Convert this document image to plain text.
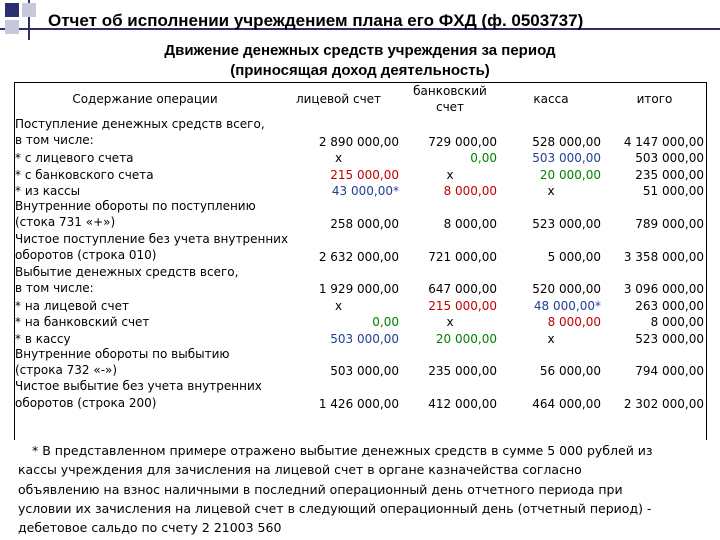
Отчет об исполнении учреждением плана его ФХД (ф. 0503737)
Движение денежных средств учреждения за период
(приносящая доход деятельность)
Содержание операции	лицевой счет	банковский
счет	касса	итого

Поступление денежных средств всего,
в том числе:	2 890 000,00	729 000,00	528 000,00	4 147 000,00
* с лицевого счета	х	0,00	503 000,00	503 000,00
* с банковского счета	215 000,00	х	20 000,00	235 000,00
* из кассы	43 000,00*	8 000,00	х	51 000,00

Внутренние обороты по поступлению
(стока 731 «+»)	258 000,00	8 000,00	523 000,00	789 000,00

Чистое поступление без учета внутренних
оборотов (строка 010)	2 632 000,00	721 000,00	5 000,00	3 358 000,00

Выбытие денежных средств всего,
в том числе:	1 929 000,00	647 000,00	520 000,00	3 096 000,00
* на лицевой счет	х	215 000,00	48 000,00*	263 000,00
* на банковский счет	0,00	х	8 000,00	8 000,00
* в кассу	503 000,00	20 000,00	х	523 000,00

Внутренние обороты по выбытию
(строка 732 «-»)	503 000,00	235 000,00	56 000,00	794 000,00

Чистое выбытие без учета внутренних
оборотов (строка 200)	1 426 000,00	412 000,00	464 000,00	2 302 000,00
* В представленном примере отражено выбытие денежных средств в сумме 5 000 рублей из
кассы учреждения для зачисления на лицевой счет в органе казначейства согласно
объявлению на взнос наличными в последний операционный день отчетного периода при
условии их зачисления на лицевой счет в следующий операционный день (отчетный период) -
дебетовое сальдо по счету 2 21003 560
